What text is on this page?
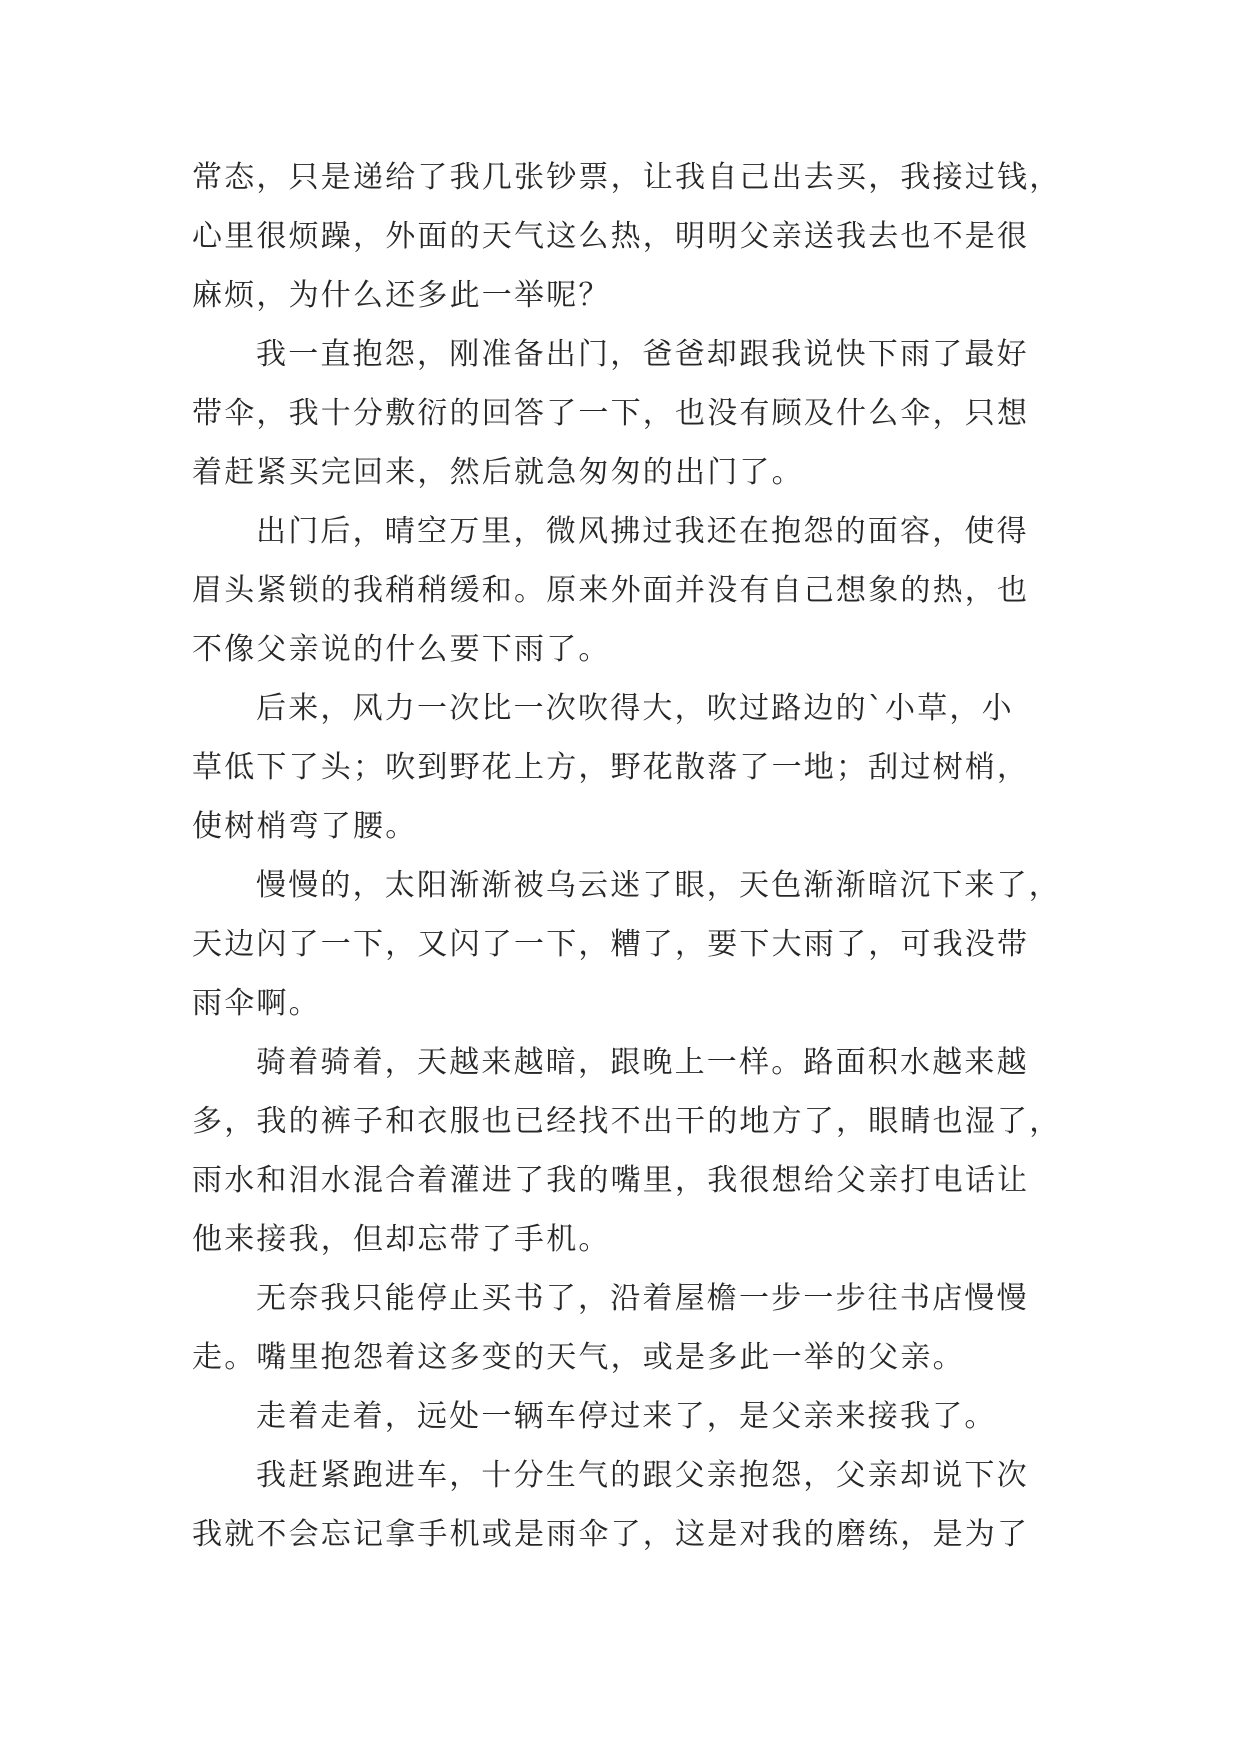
常态，只是递给了我几张钞票，让我自己出去买，我接过钱，
心里很烦躁，外面的天气这么热，明明父亲送我去也不是很
麻烦，为什么还多此一举呢？
我一直抱怨，刚准备出门，爸爸却跟我说快下雨了最好
带伞，我十分敷衍的回答了一下，也没有顾及什么伞，只想
着赶紧买完回来，然后就急匆匆的出门了。
出门后，晴空万里，微风拂过我还在抱怨的面容，使得
眉头紧锁的我稍稍缓和。原来外面并没有自己想象的热，也
不像父亲说的什么要下雨了。
后来，风力一次比一次吹得大，吹过路边的`小草，小
草低下了头；吹到野花上方，野花散落了一地；刮过树梢，
使树梢弯了腰。
慢慢的，太阳渐渐被乌云迷了眼，天色渐渐暗沉下来了，
天边闪了一下，又闪了一下，糟了，要下大雨了，可我没带
雨伞啊。
骑着骑着，天越来越暗，跟晚上一样。路面积水越来越
多，我的裤子和衣服也已经找不出干的地方了，眼睛也湿了，
雨水和泪水混合着灌进了我的嘴里，我很想给父亲打电话让
他来接我，但却忘带了手机。
无奈我只能停止买书了，沿着屋檐一步一步往书店慢慢
走。嘴里抱怨着这多变的天气，或是多此一举的父亲。
走着走着，远处一辆车停过来了，是父亲来接我了。
我赶紧跑进车，十分生气的跟父亲抱怨，父亲却说下次
我就不会忘记拿手机或是雨伞了，这是对我的磨练，是为了
